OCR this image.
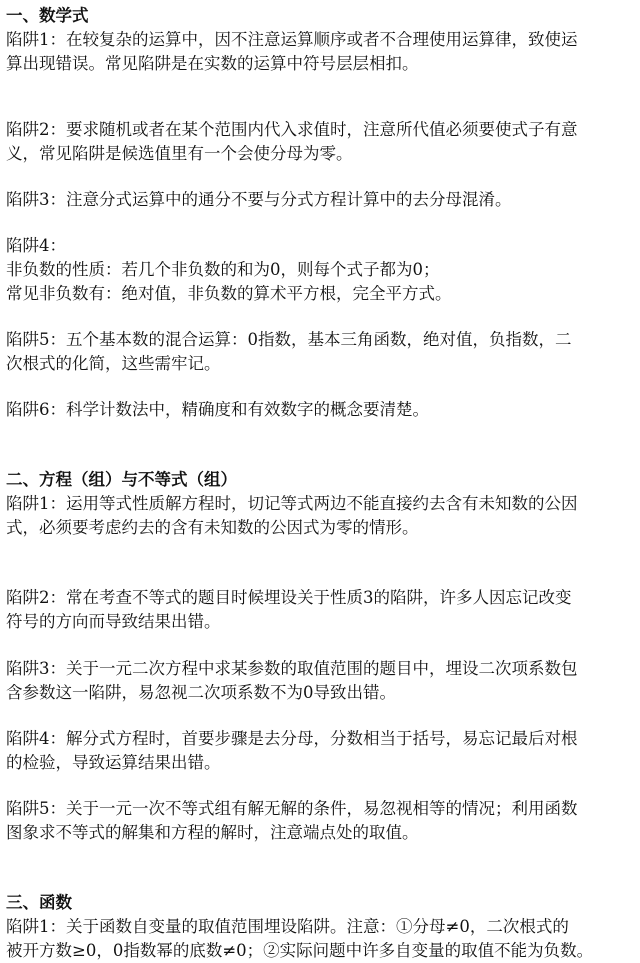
一、数学式
陷阱1：在较复杂的运算中，因不注意运算顺序或者不合理使用运算律，致使运
算出现错误。常见陷阱是在实数的运算中符号层层相扣。
陷阱2：要求随机或者在某个范围内代入求值时，注意所代值必须要使式子有意
义，常见陷阱是候选值里有一个会使分母为零。
陷阱3：注意分式运算中的通分不要与分式方程计算中的去分母混淆。
陷阱4：
非负数的性质：若几个非负数的和为0，则每个式子都为0；
常见非负数有：绝对值，非负数的算术平方根，完全平方式。
陷阱5：五个基本数的混合运算：0指数，基本三角函数，绝对值，负指数，二
次根式的化简，这些需牢记。
陷阱6：科学计数法中，精确度和有效数字的概念要清楚。
二、方程（组）与不等式（组）
陷阱1：运用等式性质解方程时，切记等式两边不能直接约去含有未知数的公因
式，必须要考虑约去的含有未知数的公因式为零的情形。
陷阱2：常在考查不等式的题目时候埋设关于性质3的陷阱，许多人因忘记改变
符号的方向而导致结果出错。
陷阱3：关于一元二次方程中求某参数的取值范围的题目中，埋设二次项系数包
含参数这一陷阱，易忽视二次项系数不为0导致出错。
陷阱4：解分式方程时，首要步骤是去分母，分数相当于括号，易忘记最后对根
的检验，导致运算结果出错。
陷阱5：关于一元一次不等式组有解无解的条件，易忽视相等的情况；利用函数
图象求不等式的解集和方程的解时，注意端点处的取值。
三、函数
陷阱1：关于函数自变量的取值范围埋设陷阱。注意：①分母≠0，二次根式的
被开方数≥0，0指数幂的底数≠0；②实际问题中许多自变量的取值不能为负数。
